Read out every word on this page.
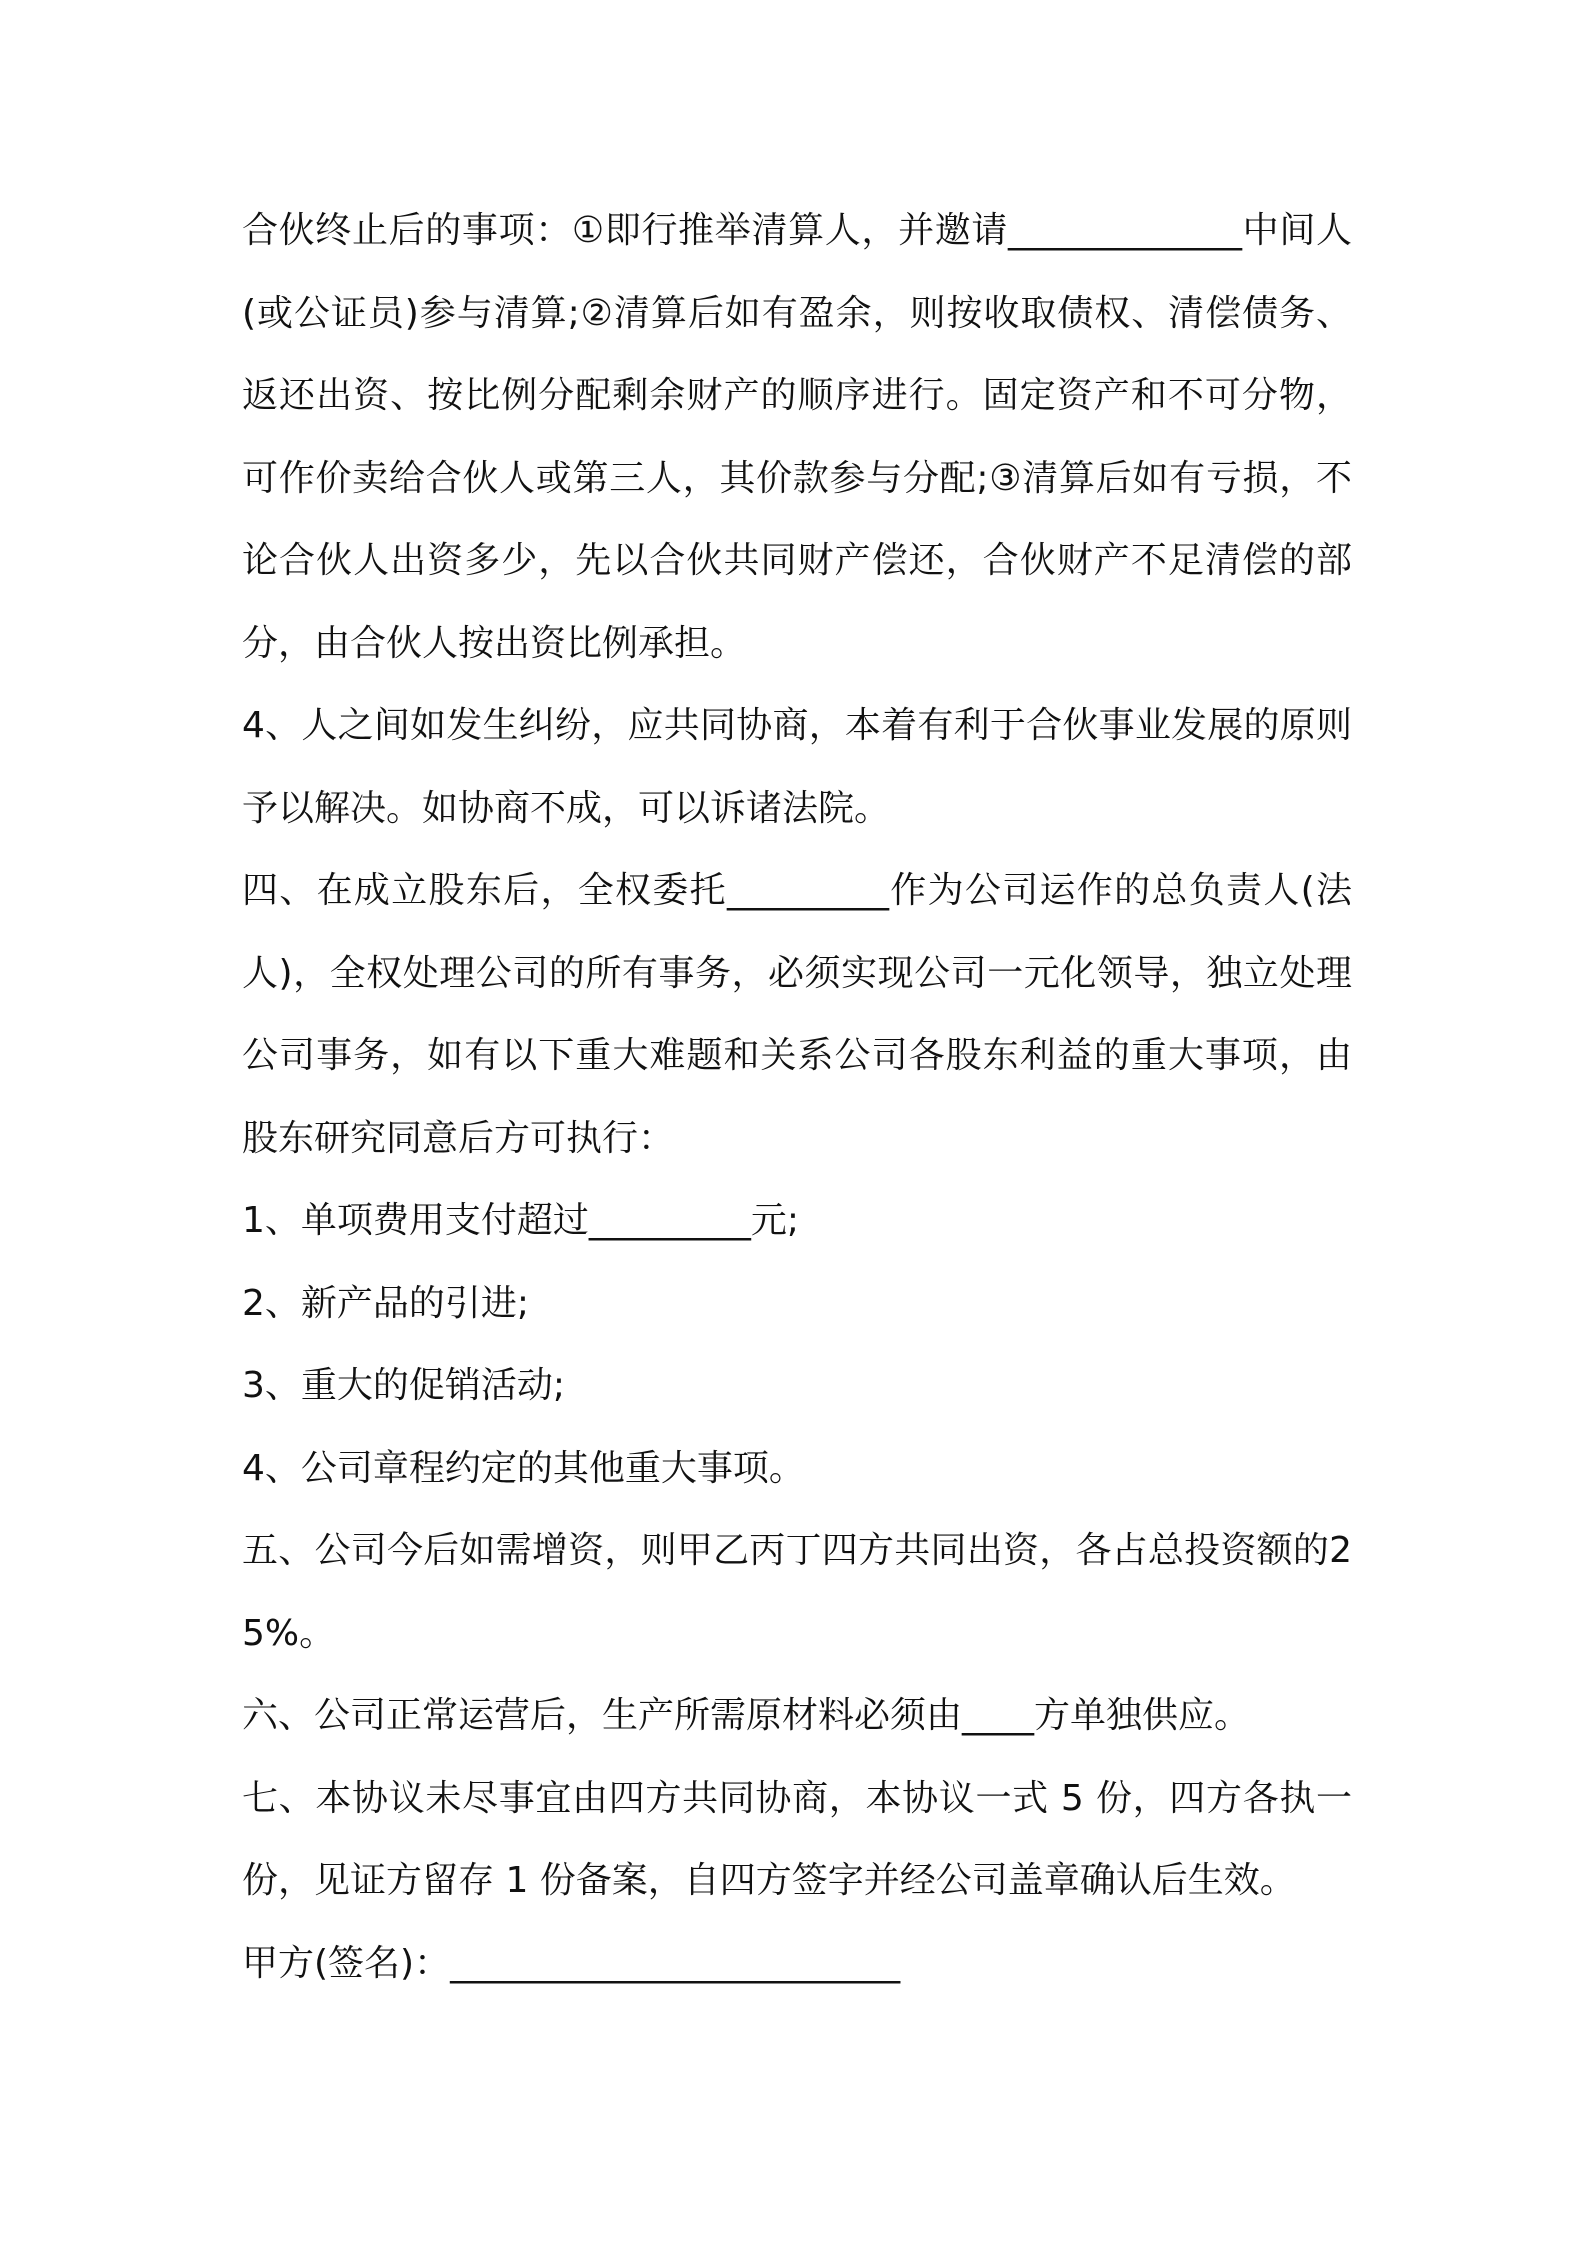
合伙终止后的事项：①即行推举清算人，并邀请_____________中间人(或公证员)参与清算;②清算后如有盈余，则按收取债权、清偿债务、返还出资、按比例分配剩余财产的顺序进行。固定资产和不可分物，可作价卖给合伙人或第三人，其价款参与分配;③清算后如有亏损，不论合伙人出资多少，先以合伙共同财产偿还，合伙财产不足清偿的部分，由合伙人按出资比例承担。

4、人之间如发生纠纷，应共同协商，本着有利于合伙事业发展的原则予以解决。如协商不成，可以诉诸法院。

四、在成立股东后，全权委托_________作为公司运作的总负责人(法人)，全权处理公司的所有事务，必须实现公司一元化领导，独立处理公司事务，如有以下重大难题和关系公司各股东利益的重大事项，由股东研究同意后方可执行：

1、单项费用支付超过_________元;

2、新产品的引进;

3、重大的促销活动;

4、公司章程约定的其他重大事项。

五、公司今后如需增资，则甲乙丙丁四方共同出资，各占总投资额的25%。

六、公司正常运营后，生产所需原材料必须由____方单独供应。

七、本协议未尽事宜由四方共同协商，本协议一式 5 份，四方各执一份，见证方留存 1 份备案，自四方签字并经公司盖章确认后生效。

甲方(签名)：_________________________
